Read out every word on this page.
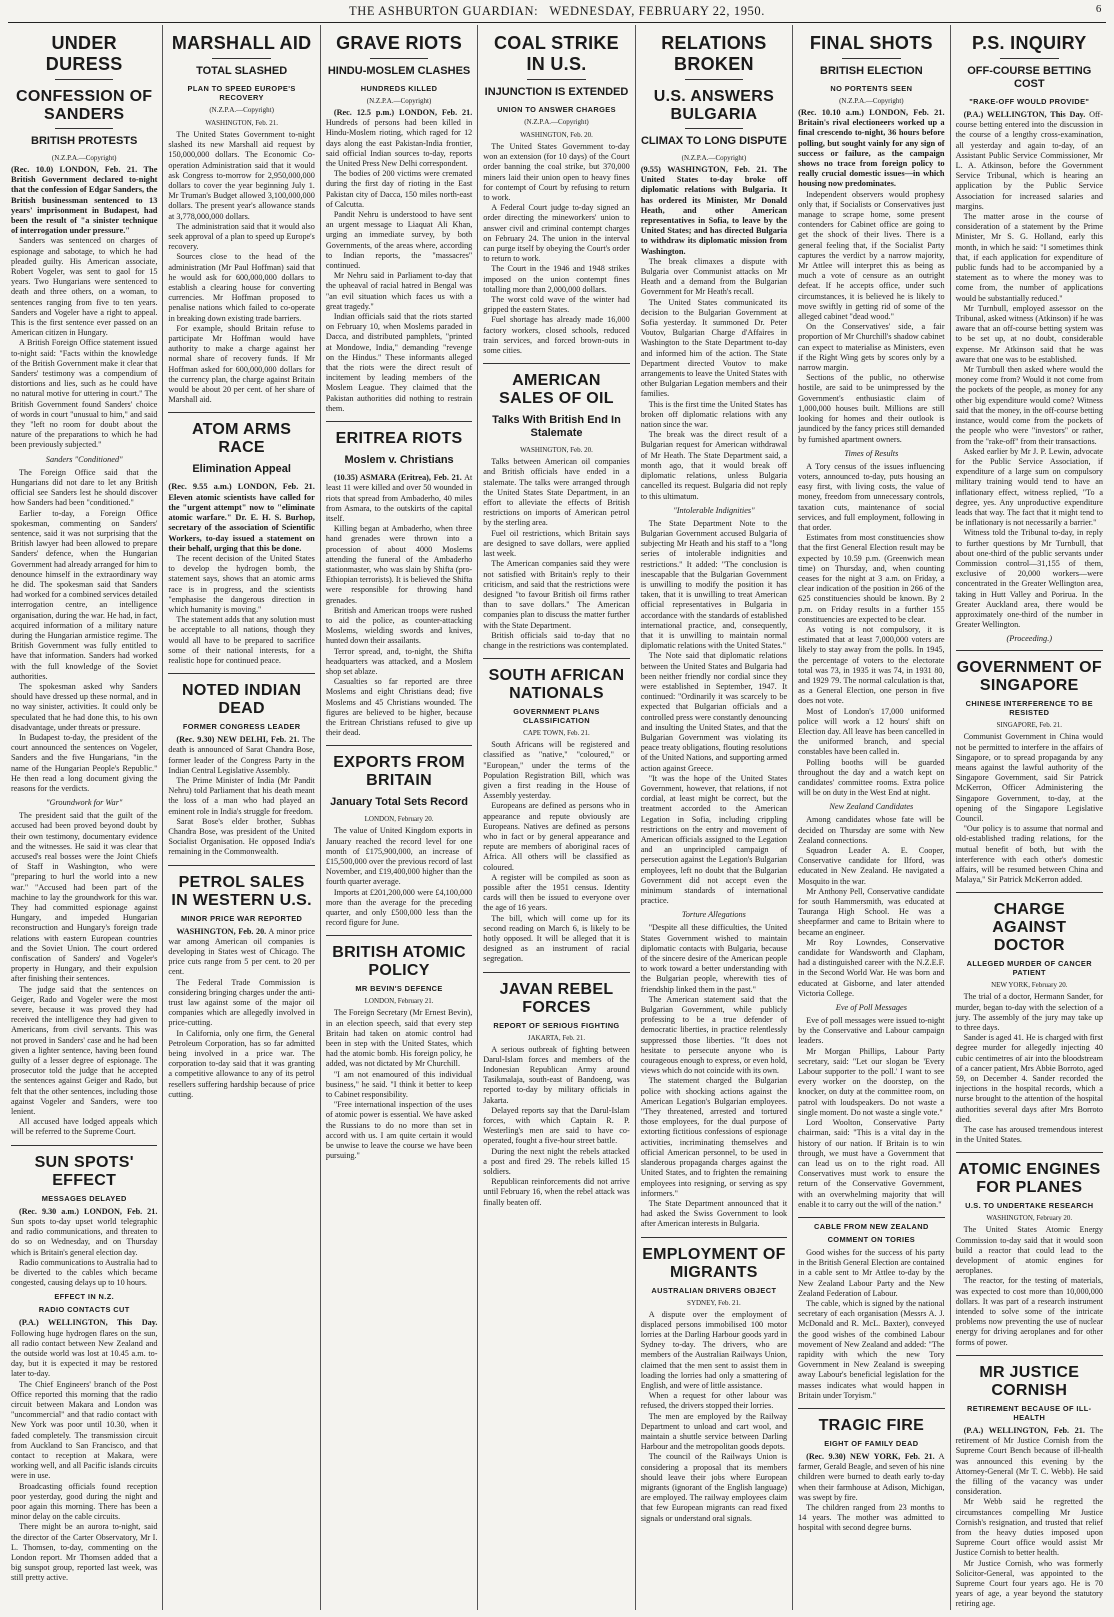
THE ASHBURTON GUARDIAN:
WEDNESDAY, FEBRUARY 22, 1950.	6
UNDER DURESS
CONFESSION OF SANDERS
BRITISH PROTESTS
(N.Z.P.A.—Copyright)

(Rec. 10.0) LONDON, Feb. 21. The British Government declared to-night that the confession of Edgar Sanders, the British businessman sentenced to 13 years' imprisonment in Budapest, had been the result of "a sinister technique of interrogation under pressure."

Sanders was sentenced on charges of espionage and sabotage, to which he had pleaded guilty. His American associate, Robert Vogeler, was sent to gaol for 15 years. Two Hungarians were sentenced to death and three others, on a woman, to sentences ranging from five to ten years. Sanders and Vogeler have a right to appeal. This is the first sentence ever passed on an American citizen in Hungary.

A British Foreign Office statement issued to-night said: "Facts within the knowledge of the British Government make it clear that Sanders' testimony was a compendium of distortions and lies, such as he could have no natural motive for uttering in court." The British Government found Sanders' choice of words in court "unusual to him," and said they "left no room for doubt about the nature of the preparations to which he had been previously subjected."

Sanders "Conditioned"

The Foreign Office said that the Hungarians did not dare to let any British official see Sanders lest he should discover how Sanders had been "conditioned."

Earlier to-day, a Foreign Office spokesman, commenting on Sanders' sentence, said it was not surprising that the British lawyer had been allowed to prepare Sanders' defence, when the Hungarian Government had already arranged for him to denounce himself in the extraordinary way he did. The spokesman said that Sanders had worked for a combined services detailed interrogation centre, an intelligence organisation, during the war. He had, in fact, acquired information of a military nature during the Hungarian armistice regime. The British Government was fully entitled to have that information. Sanders had worked with the full knowledge of the Soviet authorities.

The spokesman asked why Sanders should have dressed up these normal, and in no way sinister, activities. It could only be speculated that he had done this, to his own disadvantage, under threats or pressure.

In Budapest to-day, the president of the court announced the sentences on Vogeler, Sanders and the five Hungarians, "in the name of the Hungarian People's Republic." He then read a long document giving the reasons for the verdicts.

"Groundwork for War"

The president said that the guilt of the accused had been proved beyond doubt by their own testimony, documentary evidence and the witnesses. He said it was clear that accused's real bosses were the Joint Chiefs of Staff in Washington, who were "preparing to hurl the world into a new war." "Accused had been part of the machine to lay the groundwork for this war. They had committed espionage against Hungary, and impeded Hungarian reconstruction and Hungary's foreign trade relations with eastern European countries and the Soviet Union. The court ordered confiscation of Sanders' and Vogeler's property in Hungary, and their expulsion after finishing their sentences.

The judge said that the sentences on Geiger, Rado and Vogeler were the most severe, because it was proved they had received the intelligence they had given to Americans, from civil servants. This was not proved in Sanders' case and he had been given a lighter sentence, having been found guilty of a lesser degree of espionage. The prosecutor told the judge that he accepted the sentences against Geiger and Rado, but felt that the other sentences, including those against Vogeler and Sanders, were too lenient.

All accused have lodged appeals which will be referred to the Supreme Court.

SUN SPOTS' EFFECT
MESSAGES DELAYED

(Rec. 9.30 a.m.) LONDON, Feb. 21. Sun spots to-day upset world telegraphic and radio communications, and threaten to do so on Wednesday, and on Thursday which is Britain's general election day.

Radio communications to Australia had to be diverted to the cables which became congested, causing delays up to 10 hours.

EFFECT IN N.Z.
RADIO CONTACTS CUT

(P.A.) WELLINGTON, This Day. Following huge hydrogen flares on the sun, all radio contact between New Zealand and the outside world was lost at 10.45 a.m. to-day, but it is expected it may be restored later to-day.

The Chief Engineers' branch of the Post Office reported this morning that the radio circuit between Makara and London was "uncommercial" and that radio contact with New York was poor until 10.30, when it faded completely. The transmission circuit from Auckland to San Francisco, and that contact to reception at Makara, were working well, and all Pacific islands circuits were in use.

Broadcasting officials found reception poor yesterday, good during the night and poor again this morning. There has been a minor delay on the cable circuits.

There might be an aurora to-night, said the director of the Carter Observatory, Mr I. L. Thomsen, to-day, commenting on the London report. Mr Thomsen added that a big sunspot group, reported last week, was still pretty active.

MARSHALL AID
TOTAL SLASHED
PLAN TO SPEED EUROPE'S RECOVERY
(N.Z.P.A.—Copyright)
WASHINGTON, Feb. 21.

The United States Government to-night slashed its new Marshall aid request by 150,000,000 dollars. The Economic Co-operation Administration said that it would ask Congress to-morrow for 2,950,000,000 dollars to cover the year beginning July 1. Mr Truman's Budget allowed 3,100,000,000 dollars. The present year's allowance stands at 3,778,000,000 dollars.

The administration said that it would also seek approval of a plan to speed up Europe's recovery.

Sources close to the head of the administration (Mr Paul Hoffman) said that he would ask for 600,000,000 dollars to establish a clearing house for converting currencies. Mr Hoffman proposed to penalise nations which failed to co-operate in breaking down existing trade barriers.

For example, should Britain refuse to participate Mr Hoffman would have authority to make a charge against her normal share of recovery funds. If Mr Hoffman asked for 600,000,000 dollars for the currency plan, the charge against Britain would be about 20 per cent. of her share of Marshall aid.

ATOM ARMS RACE
Elimination Appeal

(Rec. 9.55 a.m.) LONDON, Feb. 21. Eleven atomic scientists have called for the "urgent attempt" now to "eliminate atomic warfare." Dr. E. H. S. Burhop, secretary of the association of Scientific Workers, to-day issued a statement on their behalf, urging that this be done.

The recent decision of the United States to develop the hydrogen bomb, the statement says, shows that an atomic arms race is in progress, and the scientists "emphasise the dangerous direction in which humanity is moving."

The statement adds that any solution must be acceptable to all nations, though they would all have to be prepared to sacrifice some of their national interests, for a realistic hope for continued peace.

NOTED INDIAN DEAD
FORMER CONGRESS LEADER

(Rec. 9.30) NEW DELHI, Feb. 21. The death is announced of Sarat Chandra Bose, former leader of the Congress Party in the Indian Central Legislative Assembly.

The Prime Minister of India (Mr Pandit Nehru) told Parliament that his death meant the loss of a man who had played an eminent role in India's struggle for freedom.

Sarat Bose's elder brother, Subhas Chandra Bose, was president of the United Socialist Organisation. He opposed India's remaining in the Commonwealth.

PETROL SALES IN WESTERN U.S.
MINOR PRICE WAR REPORTED

WASHINGTON, Feb. 20. A minor price war among American oil companies is developing in States west of Chicago. The price cuts range from 5 per cent. to 20 per cent.

The Federal Trade Commission is considering bringing charges under the anti-trust law against some of the major oil companies which are allegedly involved in price-cutting.

In California, only one firm, the General Petroleum Corporation, has so far admitted being involved in a price war. The corporation to-day said that it was granting a competitive allowance to any of its petrol resellers suffering hardship because of price cutting.

GRAVE RIOTS
HINDU-MOSLEM CLASHES
HUNDREDS KILLED
(N.Z.P.A.—Copyright)

(Rec. 12.5 p.m.) LONDON, Feb. 21. Hundreds of persons had been killed in Hindu-Moslem rioting, which raged for 12 days along the east Pakistan-India frontier, said official Indian sources to-day, reports the United Press New Delhi correspondent.

The bodies of 200 victims were cremated during the first day of rioting in the East Pakistan city of Dacca, 150 miles north-east of Calcutta.

Pandit Nehru is understood to have sent an urgent message to Liaquat Ali Khan, urging an immediate survey, by both Governments, of the areas where, according to Indian reports, the "massacres" continued.

Mr Nehru said in Parliament to-day that the upheaval of racial hatred in Bengal was "an evil situation which faces us with a great tragedy."

Indian officials said that the riots started on February 10, when Moslems paraded in Dacca, and distributed pamphlets, "printed at Mondowe, India," demanding "revenge on the Hindus." These informants alleged that the riots were the direct result of incitement by leading members of the Moslem League. They claimed that the Pakistan authorities did nothing to restrain them.

ERITREA RIOTS
Moslem v. Christians

(10.35) ASMARA (Eritrea), Feb. 21. At least 11 were killed and over 50 wounded in riots that spread from Ambaderho, 40 miles from Asmara, to the outskirts of the capital itself.

Killing began at Ambaderho, when three hand grenades were thrown into a procession of about 4000 Moslems attending the funeral of the Ambaderho stationmaster, who was slain by Shifta (pro-Ethiopian terrorists). It is believed the Shifta were responsible for throwing hand grenades.

British and American troops were rushed to aid the police, as counter-attacking Moslems, wielding swords and knives, hunted down their assailants.

Terror spread, and, to-night, the Shifta headquarters was attacked, and a Moslem shop set ablaze.

Casualties so far reported are three Moslems and eight Christians dead; five Moslems and 45 Christians wounded. The figures are believed to be higher, because the Eritrean Christians refused to give up their dead.

EXPORTS FROM BRITAIN
January Total Sets Record
LONDON, February 20.

The value of United Kingdom exports in January reached the record level for one month of £175,900,000, an increase of £15,500,000 over the previous record of last November, and £19,400,000 higher than the fourth quarter average.

Imports at £201,200,000 were £4,100,000 more than the average for the preceding quarter, and only £500,000 less than the record figure for June.

BRITISH ATOMIC POLICY
MR BEVIN'S DEFENCE
LONDON, February 21.

The Foreign Secretary (Mr Ernest Bevin), in an election speech, said that every step Britain had taken on atomic control had been in step with the United States, which had the atomic bomb. His foreign policy, he added, was not dictated by Mr Churchill.

"I am not enamoured of this individual business," he said. "I think it better to keep to Cabinet responsibility.

"Free international inspection of the uses of atomic power is essential. We have asked the Russians to do no more than set in accord with us. I am quite certain it would be unwise to leave the course we have been pursuing."

COAL STRIKE IN U.S.
INJUNCTION IS EXTENDED
UNION TO ANSWER CHARGES
(N.Z.P.A.—Copyright)
WASHINGTON, Feb. 20.

The United States Government to-day won an extension (for 10 days) of the Court order banning the coal strike, but 370,000 miners laid their union open to heavy fines for contempt of Court by refusing to return to work.

A Federal Court judge to-day signed an order directing the mineworkers' union to answer civil and criminal contempt charges on February 24. The union in the interval can purge itself by obeying the Court's order to return to work.

The Court in the 1946 and 1948 strikes imposed on the union contempt fines totalling more than 2,000,000 dollars.

The worst cold wave of the winter had gripped the eastern States.

Fuel shortage has already made 16,000 factory workers, closed schools, reduced train services, and forced brown-outs in some cities.

AMERICAN SALES OF OIL
Talks With British End In Stalemate
WASHINGTON, Feb. 20.

Talks between American oil companies and British officials have ended in a stalemate. The talks were arranged through the United States State Department, in an effort to alleviate the effects of British restrictions on imports of American petrol by the sterling area.

Fuel oil restrictions, which Britain says are designed to save dollars, were applied last week.

The American companies said they were not satisfied with Britain's reply to their criticism, and said that the restrictions were designed "to favour British oil firms rather than to save dollars." The American companies plan to discuss the matter further with the State Department.

British officials said to-day that no change in the restrictions was contemplated.

SOUTH AFRICAN NATIONALS
GOVERNMENT PLANS CLASSIFICATION
CAPE TOWN, Feb. 21.

South Africans will be registered and classified as "native," "coloured," or "European," under the terms of the Population Registration Bill, which was given a first reading in the House of Assembly yesterday.

Europeans are defined as persons who in appearance and repute obviously are Europeans. Natives are defined as persons who in fact or by general appearance and repute are members of aboriginal races of Africa. All others will be classified as coloured.

A register will be compiled as soon as possible after the 1951 census. Identity cards will then be issued to everyone over the age of 16 years.

The bill, which will come up for its second reading on March 6, is likely to be hotly opposed. It will be alleged that it is designed as an instrument of racial segregation.

JAVAN REBEL FORCES
REPORT OF SERIOUS FIGHTING
JAKARTA, Feb. 21.

A serious outbreak of fighting between Darul-Islam forces and members of the Indonesian Republican Army around Tasikmalaja, south-east of Bandoeng, was reported to-day by military officials in Jakarta.

Delayed reports say that the Darul-Islam forces, with which Captain R. P. Westerling's men are said to have co-operated, fought a five-hour street battle.

During the next night the rebels attacked a post and fired 29. The rebels killed 15 soldiers.

Republican reinforcements did not arrive until February 16, when the rebel attack was finally beaten off.

RELATIONS BROKEN
U.S. ANSWERS BULGARIA
CLIMAX TO LONG DISPUTE
(N.Z.P.A.—Copyright)

(9.55) WASHINGTON, Feb. 21. The United States to-day broke off diplomatic relations with Bulgaria. It has ordered its Minister, Mr Donald Heath, and other American representatives in Sofia, to leave by the United States; and has directed Bulgaria to withdraw its diplomatic mission from Washington.

The break climaxes a dispute with Bulgaria over Communist attacks on Mr Heath and a demand from the Bulgarian Government for Mr Heath's recall.

The United States communicated its decision to the Bulgarian Government at Sofia yesterday. It summoned Dr. Peter Voutov, Bulgarian Charge d'Affaires in Washington to the State Department to-day and informed him of the action. The State Department directed Voutov to make arrangements to leave the United States with other Bulgarian Legation members and their families.

This is the first time the United States has broken off diplomatic relations with any nation since the war.

The break was the direct result of a Bulgarian request for American withdrawal of Mr Heath. The State Department said, a month ago, that it would break off diplomatic relations, unless Bulgaria cancelled its request. Bulgaria did not reply to this ultimatum.

"Intolerable Indignities"

The State Department Note to the Bulgarian Government accused Bulgaria of subjecting Mr Heath and his staff to a "long series of intolerable indignities and restrictions." It added: "The conclusion is inescapable that the Bulgarian Government is unwilling to modify the position it has taken, that it is unwilling to treat American official representatives in Bulgaria in accordance with the standards of established international practice, and, consequently, that it is unwilling to maintain normal diplomatic relations with the United States."

The Note said that diplomatic relations between the United States and Bulgaria had been neither friendly nor cordial since they were established in September, 1947. It continued: "Ordinarily it was scarcely to be expected that Bulgarian officials and a controlled press were constantly denouncing and insulting the United States, and that the Bulgarian Government was violating its peace treaty obligations, flouting resolutions of the United Nations, and supporting armed action against Greece.

"It was the hope of the United States Government, however, that relations, if not cordial, at least might be correct, but the treatment accorded to the American Legation in Sofia, including crippling restrictions on the entry and movement of American officials assigned to the Legation and an unprincipled campaign of persecution against the Legation's Bulgarian employees, left no doubt that the Bulgarian Government did not accept even the minimum standards of international practice.

Torture Allegations

"Despite all these difficulties, the United States Government wished to maintain diplomatic contacts with Bulgaria, because of the sincere desire of the American people to work toward a better understanding with the Bulgarian people, wherewith ties of friendship linked them in the past."

The American statement said that the Bulgarian Government, while publicly professing to be a true defender of democratic liberties, in practice relentlessly suppressed those liberties. "It does not hesitate to persecute anyone who is courageous enough to express, or even hold, views which do not coincide with its own.

The statement charged the Bulgarian police with shocking actions against the American Legation's Bulgarian employees. "They threatened, arrested and tortured those employees, for the dual purpose of extorting fictitious confessions of espionage activities, incriminating themselves and official American personnel, to be used in slanderous propaganda charges against the United States, and to frighten the remaining employees into resigning, or serving as spy informers."

The State Department announced that it had asked the Swiss Government to look after American interests in Bulgaria.

EMPLOYMENT OF MIGRANTS
AUSTRALIAN DRIVERS OBJECT
SYDNEY, Feb. 21.

A dispute over the employment of displaced persons immobilised 100 motor lorries at the Darling Harbour goods yard in Sydney to-day. The drivers, who are members of the Australian Railways Union, claimed that the men sent to assist them in loading the lorries had only a smattering of English, and were of little assistance.

When a request for other labour was refused, the drivers stopped their lorries.

The men are employed by the Railway Department to unload and cart wool, and maintain a shuttle service between Darling Harbour and the metropolitan goods depots.

The council of the Railways Union is considering a proposal that its members should leave their jobs where European migrants (ignorant of the English language) are employed. The railway employees claim that few European migrants can read fixed signals or understand oral signals.

FINAL SHOTS
BRITISH ELECTION
NO PORTENTS SEEN
(N.Z.P.A.—Copyright)

(Rec. 10.10 a.m.) LONDON, Feb. 21. Britain's rival electioneers worked up a final crescendo to-night, 36 hours before polling, but sought vainly for any sign of success or failure, as the campaign shows no trace from foreign policy to really crucial domestic issues—in which housing now predominates.

Independent observers would prophesy only that, if Socialists or Conservatives just manage to scrape home, some present contenders for Cabinet office are going to get the shock of their lives. There is a general feeling that, if the Socialist Party captures the verdict by a narrow majority, Mr Attlee will interpret this as being as much a vote of censure as an outright defeat. If he accepts office, under such circumstances, it is believed he is likely to move swiftly in getting rid of some of the alleged cabinet "dead wood."

On the Conservatives' side, a fair proportion of Mr Churchill's shadow cabinet can expect to materialise as Ministers, even if the Right Wing gets by scores only by a narrow margin.

Sections of the public, no otherwise hostile, are said to be unimpressed by the Government's enthusiastic claim of 1,000,000 houses built. Millions are still looking for homes and their outlook is jaundiced by the fancy prices still demanded by furnished apartment owners.

Times of Results

A Tory census of the issues influencing voters, announced to-day, puts housing an easy first, with living costs, the value of money, freedom from unnecessary controls, taxation cuts, maintenance of social services, and full employment, following in that order.

Estimates from most constituencies show that the first General Election result may be expected by 10.59 p.m. (Greenwich mean time) on Thursday, and, when counting ceases for the night at 3 a.m. on Friday, a clear indication of the position in 266 of the 625 constituencies should be known. By 2 p.m. on Friday results in a further 155 constituencies are expected to be clear.

As voting is not compulsory, it is estimated that at least 7,000,000 voters are likely to stay away from the polls. In 1945, the percentage of voters to the electorate total was 73, in 1935 it was 74, in 1931 80, and 1929 79. The normal calculation is that, as a General Election, one person in five does not vote.

Most of London's 17,000 uniformed police will work a 12 hours' shift on Election day. All leave has been cancelled in the uniformed branch, and special constables have been called in.

Polling booths will be guarded throughout the day and a watch kept on candidates' committee rooms. Extra police will be on duty in the West End at night.

New Zealand Candidates

Among candidates whose fate will be decided on Thursday are some with New Zealand connections.

Squadron Leader A. E. Cooper, Conservative candidate for Ilford, was educated in New Zealand. He navigated a Mosquito in the war.

Mr Anthony Pell, Conservative candidate for south Hammersmith, was educated at Tauranga High School. He was a sheepfarmer and came to Britain where to became an engineer.

Mr Roy Lowndes, Conservative candidate for Wandsworth and Clapham, had a distinguished career with the N.Z.E.F. in the Second World War. He was born and educated at Gisborne, and later attended Victoria College.

Eve of Poll Messages

Eve of poll messages were issued to-night by the Conservative and Labour campaign leaders.

Mr Morgan Phillips, Labour Party secretary, said: "Let our slogan be 'Every Labour supporter to the poll.' I want to see every worker on the doorstep, on the knocker, on duty at the committee room, on patrol with loudspeakers. Do not waste a single moment. Do not waste a single vote."

Lord Woolton, Conservative Party chairman, said: "This is a vital day in the history of our nation. If Britain is to win through, we must have a Government that can lead us on to the right road. All Conservatives must work to ensure the return of the Conservative Government, with an overwhelming majority that will enable it to carry out the will of the nation."

CABLE FROM NEW ZEALAND
COMMENT ON TORIES

Good wishes for the success of his party in the British General Election are contained in a cable sent to Mr Attlee to-day by the New Zealand Labour Party and the New Zealand Federation of Labour.

The cable, which is signed by the national secretary of each organisation (Messrs A. J. McDonald and R. McL. Baxter), conveyed the good wishes of the combined Labour movement of New Zealand and added: "The rapidity with which the new Tory Government in New Zealand is sweeping away Labour's beneficial legislation for the masses indicates what would happen in Britain under Toryism."

TRAGIC FIRE
EIGHT OF FAMILY DEAD

(Rec. 9.30) NEW YORK, Feb. 21. A farmer, Gerald Beagle, and seven of his nine children were burned to death early to-day when their farmhouse at Adison, Michigan, was swept by fire.

The children ranged from 23 months to 14 years. The mother was admitted to hospital with second degree burns.

P.S. INQUIRY
OFF-COURSE BETTING COST
"RAKE-OFF WOULD PROVIDE"

(P.A.) WELLINGTON, This Day. Off-course betting entered into the discussion in the course of a lengthy cross-examination, all yesterday and again to-day, of an Assistant Public Service Commissioner, Mr L. A. Atkinson, before the Government Service Tribunal, which is hearing an application by the Public Service Association for increased salaries and margins.

The matter arose in the course of consideration of a statement by the Prime Minister, Mr S. G. Holland, early this month, in which he said: "I sometimes think that, if each application for expenditure of public funds had to be accompanied by a statement as to where the money was to come from, the number of applications would be substantially reduced."

Mr Turnbull, employed assessor on the Tribunal, asked witness (Atkinson) if he was aware that an off-course betting system was to be set up, at no doubt, considerable expense. Mr Atkinson said that he was aware that one was to be established.

Mr Turnbull then asked where would the money come from? Would it not come from the pockets of the people, as money for any other big expenditure would come? Witness said that the money, in the off-course betting instance, would come from the pockets of the people who were "investors" or rather, from the "rake-off" from their transactions.

Asked earlier by Mr J. P. Lewin, advocate for the Public Service Association, if expenditure of a large sum on compulsory military training would tend to have an inflationary effect, witness replied, "To a degree, yes. Any unproductive expenditure leads that way. The fact that it might tend to be inflationary is not necessarily a barrier."

Witness told the Tribunal to-day, in reply to further questions by Mr Turnbull, that about one-third of the public servants under Commission control—31,155 of them, exclusive of 20,000 workers—were concentrated in the Greater Wellington area, taking in Hutt Valley and Porirua. In the Greater Auckland area, there would be approximately one-third of the number in Greater Wellington.

(Proceeding.)
GOVERNMENT OF SINGAPORE
CHINESE INTERFERENCE TO BE RESISTED
SINGAPORE, Feb. 21.

Communist Government in China would not be permitted to interfere in the affairs of Singapore, or to spread propaganda by any means against the lawful authority of the Singapore Government, said Sir Patrick McKerron, Officer Administering the Singapore Government, to-day, at the opening of the Singapore Legislative Council.

"Our policy is to assume that normal and old-established trading relations, for the mutual benefit of both, but with the interference with each other's domestic affairs, will be resumed between China and Malaya," Sir Patrick McKerron added.

CHARGE AGAINST DOCTOR
ALLEGED MURDER OF CANCER PATIENT
NEW YORK, February 20.

The trial of a doctor, Hermann Sander, for murder, began to-day with the selection of a jury. The assembly of the jury may take up to three days.

Sander is aged 41. He is charged with first degree murder for allegedly injecting 40 cubic centimetres of air into the bloodstream of a cancer patient, Mrs Abbie Borroto, aged 59, on December 4. Sander recorded the injections in the hospital records, which a nurse brought to the attention of the hospital authorities several days after Mrs Borroto died.

The case has aroused tremendous interest in the United States.

ATOMIC ENGINES FOR PLANES
U.S. TO UNDERTAKE RESEARCH
WASHINGTON, February 20.

The United States Atomic Energy Commission to-day said that it would soon build a reactor that could lead to the development of atomic engines for aeroplanes.

The reactor, for the testing of materials, was expected to cost more than 10,000,000 dollars. It was part of a research instrument intended to solve some of the intricate problems now preventing the use of nuclear energy for driving aeroplanes and for other forms of power.

MR JUSTICE CORNISH
RETIREMENT BECAUSE OF ILL-HEALTH

(P.A.) WELLINGTON, Feb. 21. The retirement of Mr Justice Cornish from the Supreme Court Bench because of ill-health was announced this evening by the Attorney-General (Mr T. C. Webb). He said the filling of the vacancy was under consideration.

Mr Webb said he regretted the circumstances compelling Mr Justice Cornish's resignation, and trusted that relief from the heavy duties imposed upon Supreme Court office would assist Mr Justice Cornish to better health.

Mr Justice Cornish, who was formerly Solicitor-General, was appointed to the Supreme Court four years ago. He is 70 years of age, a year beyond the statutory retiring age.
